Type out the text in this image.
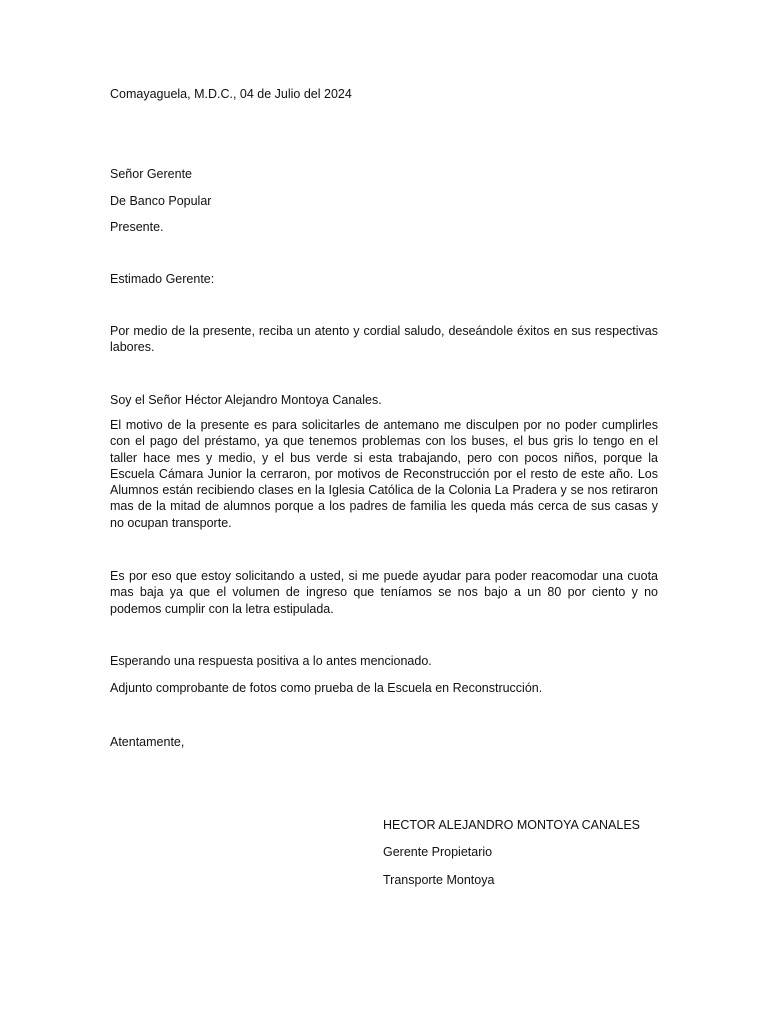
Comayaguela, M.D.C., 04 de Julio del 2024
Señor Gerente
De Banco Popular
Presente.
Estimado Gerente:
Por medio de la presente, reciba un atento y cordial saludo, deseándole éxitos en sus respectivas labores.
Soy el Señor Héctor Alejandro Montoya Canales.
El motivo de la presente es para solicitarles de antemano me disculpen por no poder cumplirles con el pago del préstamo, ya que tenemos problemas con los buses, el bus gris lo tengo en el taller hace mes y medio, y el bus verde si esta trabajando, pero con pocos niños, porque la Escuela Cámara Junior la cerraron, por motivos de Reconstrucción por el resto de este año. Los Alumnos están recibiendo clases en la Iglesia Católica de la Colonia La Pradera y se nos retiraron mas de la mitad de alumnos porque a los padres de familia les queda más cerca de sus casas y no ocupan transporte.
Es por eso que estoy solicitando a usted, si me puede ayudar para poder reacomodar una cuota mas baja ya que el volumen de ingreso que teníamos se nos bajo a un 80 por ciento y no podemos cumplir con la letra estipulada.
Esperando una respuesta positiva a lo antes mencionado.
Adjunto comprobante de fotos como prueba de la Escuela en Reconstrucción.
Atentamente,
HECTOR ALEJANDRO MONTOYA CANALES
Gerente Propietario
Transporte Montoya
